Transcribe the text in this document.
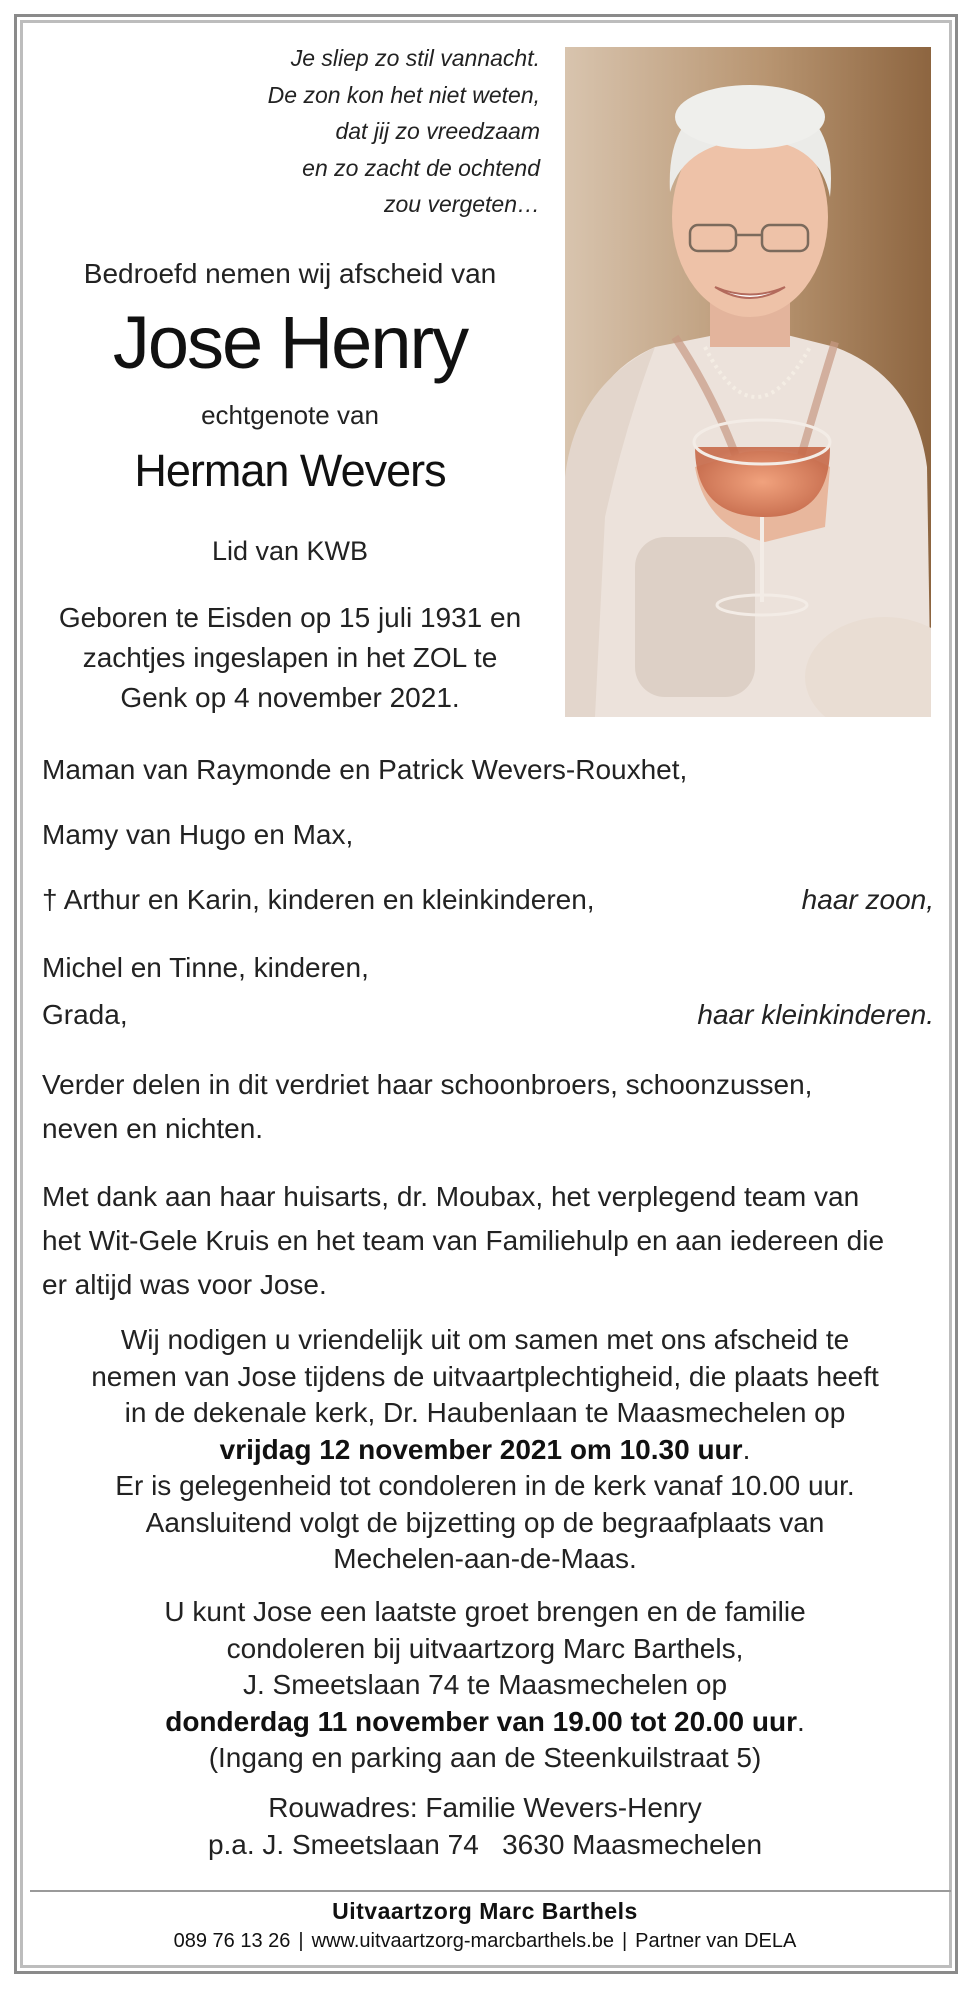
Je sliep zo stil vannacht.
De zon kon het niet weten,
dat jij zo vreedzaam
en zo zacht de ochtend
zou vergeten…
Bedroefd nemen wij afscheid van
Jose Henry
echtgenote van
Herman Wevers
Lid van KWB
Geboren te Eisden op 15 juli 1931 en
zachtjes ingeslapen in het ZOL te
Genk op 4 november 2021.
Maman van Raymonde en Patrick Wevers-Rouxhet,
Mamy van Hugo en Max,
† Arthur en Karin, kinderen en kleinkinderen,	haar zoon,
Michel en Tinne, kinderen,
Grada,	haar kleinkinderen.
Verder delen in dit verdriet haar schoonbroers, schoonzussen,
neven en nichten.
Met dank aan haar huisarts, dr. Moubax, het verplegend team van
het Wit-Gele Kruis en het team van Familiehulp en aan iedereen die
er altijd was voor Jose.
Wij nodigen u vriendelijk uit om samen met ons afscheid te
nemen van Jose tijdens de uitvaartplechtigheid, die plaats heeft
in de dekenale kerk, Dr. Haubenlaan te Maasmechelen op
vrijdag 12 november 2021 om 10.30 uur.
Er is gelegenheid tot condoleren in de kerk vanaf 10.00 uur.
Aansluitend volgt de bijzetting op de begraafplaats van
Mechelen-aan-de-Maas.
U kunt Jose een laatste groet brengen en de familie
condoleren bij uitvaartzorg Marc Barthels,
J. Smeetslaan 74 te Maasmechelen op
donderdag 11 november van 19.00 tot 20.00 uur.
(Ingang en parking aan de Steenkuilstraat 5)
Rouwadres: Familie Wevers-Henry
p.a. J. Smeetslaan 74   3630 Maasmechelen
Uitvaartzorg Marc Barthels
089 76 13 26 | www.uitvaartzorg-marcbarthels.be | Partner van DELA
